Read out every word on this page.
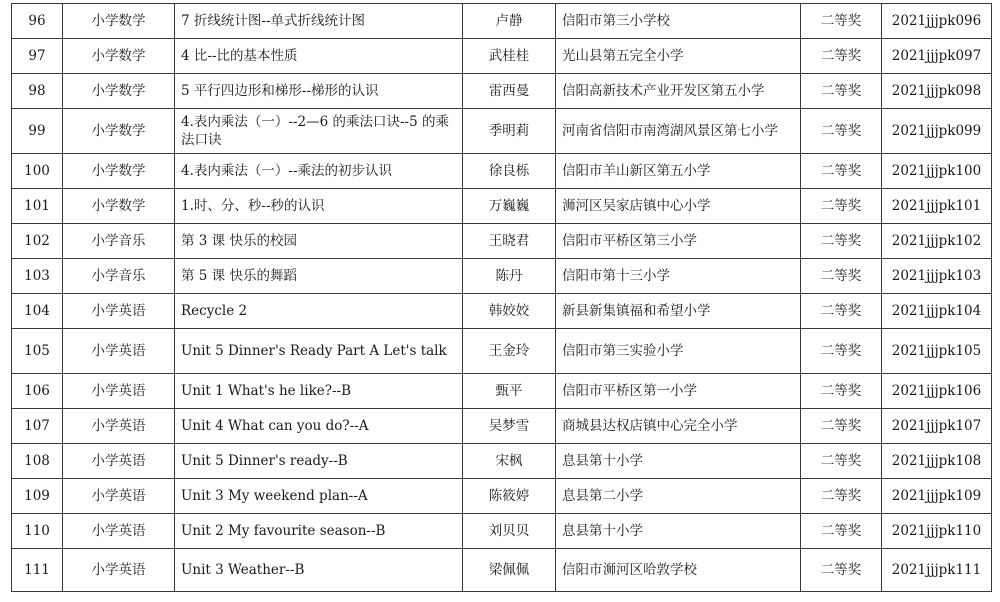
96	小学数学	7 折线统计图--单式折线统计图	卢静	信阳市第三小学校	二等奖	2021jjjpk096
97	小学数学	4 比--比的基本性质	武桂桂	光山县第五完全小学	二等奖	2021jjjpk097
98	小学数学	5 平行四边形和梯形--梯形的认识	雷西曼	信阳高新技术产业开发区第五小学	二等奖	2021jjjpk098
99	小学数学	4.表内乘法（一）--2—6 的乘法口诀--5 的乘法口诀	季明莉	河南省信阳市南湾湖风景区第七小学	二等奖	2021jjjpk099
100	小学数学	4.表内乘法（一）--乘法的初步认识	徐良栎	信阳市羊山新区第五小学	二等奖	2021jjjpk100
101	小学数学	1.时、分、秒--秒的认识	万巍巍	浉河区吴家店镇中心小学	二等奖	2021jjjpk101
102	小学音乐	第 3 课 快乐的校园	王晓君	信阳市平桥区第三小学	二等奖	2021jjjpk102
103	小学音乐	第 5 课 快乐的舞蹈	陈丹	信阳市第十三小学	二等奖	2021jjjpk103
104	小学英语	Recycle 2	韩姣姣	新县新集镇福和希望小学	二等奖	2021jjjpk104
105	小学英语	Unit 5 Dinner's Ready Part A Let's talk	王金玲	信阳市第三实验小学	二等奖	2021jjjpk105
106	小学英语	Unit 1 What's he like?--B	甄平	信阳市平桥区第一小学	二等奖	2021jjjpk106
107	小学英语	Unit 4 What can you do?--A	吴梦雪	商城县达权店镇中心完全小学	二等奖	2021jjjpk107
108	小学英语	Unit 5 Dinner's ready--B	宋枫	息县第十小学	二等奖	2021jjjpk108
109	小学英语	Unit 3 My weekend plan--A	陈筱婷	息县第二小学	二等奖	2021jjjpk109
110	小学英语	Unit 2 My favourite season--B	刘贝贝	息县第十小学	二等奖	2021jjjpk110
111	小学英语	Unit 3 Weather--B	梁佩佩	信阳市浉河区哈敦学校	二等奖	2021jjjpk111
